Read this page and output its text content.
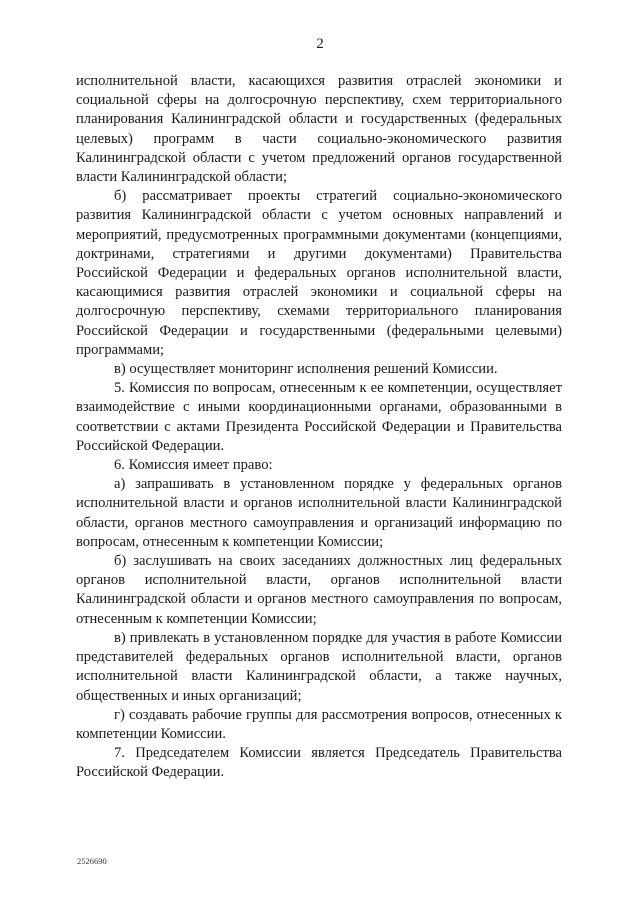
2

исполнительной власти, касающихся развития отраслей экономики и социальной сферы на долгосрочную перспективу, схем территориального планирования Калининградской области и государственных (федеральных целевых) программ в части социально-экономического развития Калининградской области с учетом предложений органов государственной власти Калининградской области;

б) рассматривает проекты стратегий социально-экономического развития Калининградской области с учетом основных направлений и мероприятий, предусмотренных программными документами (концепциями, доктринами, стратегиями и другими документами) Правительства Российской Федерации и федеральных органов исполнительной власти, касающимися развития отраслей экономики и социальной сферы на долгосрочную перспективу, схемами территориального планирования Российской Федерации и государственными (федеральными целевыми) программами;

в) осуществляет мониторинг исполнения решений Комиссии.

5. Комиссия по вопросам, отнесенным к ее компетенции, осуществляет взаимодействие с иными координационными органами, образованными в соответствии с актами Президента Российской Федерации и Правительства Российской Федерации.

6. Комиссия имеет право:

а) запрашивать в установленном порядке у федеральных органов исполнительной власти и органов исполнительной власти Калининградской области, органов местного самоуправления и организаций информацию по вопросам, отнесенным к компетенции Комиссии;

б) заслушивать на своих заседаниях должностных лиц федеральных органов исполнительной власти, органов исполнительной власти Калининградской области и органов местного самоуправления по вопросам, отнесенным к компетенции Комиссии;

в) привлекать в установленном порядке для участия в работе Комиссии представителей федеральных органов исполнительной власти, органов исполнительной власти Калининградской области, а также научных, общественных и иных организаций;

г) создавать рабочие группы для рассмотрения вопросов, отнесенных к компетенции Комиссии.

7. Председателем Комиссии является Председатель Правительства Российской Федерации.

2526690
